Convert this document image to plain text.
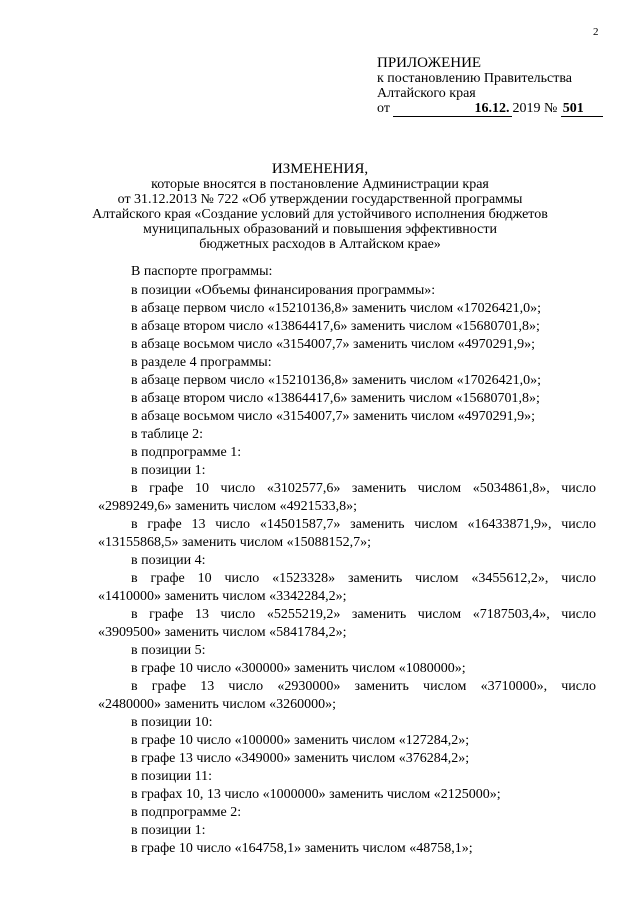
2
ПРИЛОЖЕНИЕ
к постановлению Правительства
Алтайского края
от	16.12. 2019 № 501
ИЗМЕНЕНИЯ,
которые вносятся в постановление Администрации края
от 31.12.2013 № 722 «Об утверждении государственной программы
Алтайского края «Создание условий для устойчивого исполнения бюджетов
муниципальных образований и повышения эффективности
бюджетных расходов в Алтайском крае»
В паспорте программы:
в позиции «Объемы финансирования программы»:
в абзаце первом число «15210136,8» заменить числом «17026421,0»;
в абзаце втором число «13864417,6» заменить числом «15680701,8»;
в абзаце восьмом число «3154007,7» заменить числом «4970291,9»;
в разделе 4 программы:
в абзаце первом число «15210136,8» заменить числом «17026421,0»;
в абзаце втором число «13864417,6» заменить числом «15680701,8»;
в абзаце восьмом число «3154007,7» заменить числом «4970291,9»;
в таблице 2:
в подпрограмме 1:
в позиции 1:
в графе 10 число «3102577,6» заменить числом «5034861,8», число
«2989249,6» заменить числом «4921533,8»;
в графе 13 число «14501587,7» заменить числом «16433871,9», число
«13155868,5» заменить числом «15088152,7»;
в позиции 4:
в графе 10 число «1523328» заменить числом «3455612,2», число
«1410000» заменить числом «3342284,2»;
в графе 13 число «5255219,2» заменить числом «7187503,4», число
«3909500» заменить числом «5841784,2»;
в позиции 5:
в графе 10 число «300000» заменить числом «1080000»;
в графе 13 число «2930000» заменить числом «3710000», число
«2480000» заменить числом «3260000»;
в позиции 10:
в графе 10 число «100000» заменить числом «127284,2»;
в графе 13 число «349000» заменить числом «376284,2»;
в позиции 11:
в графах 10, 13 число «1000000» заменить числом «2125000»;
в подпрограмме 2:
в позиции 1:
в графе 10 число «164758,1» заменить числом «48758,1»;
